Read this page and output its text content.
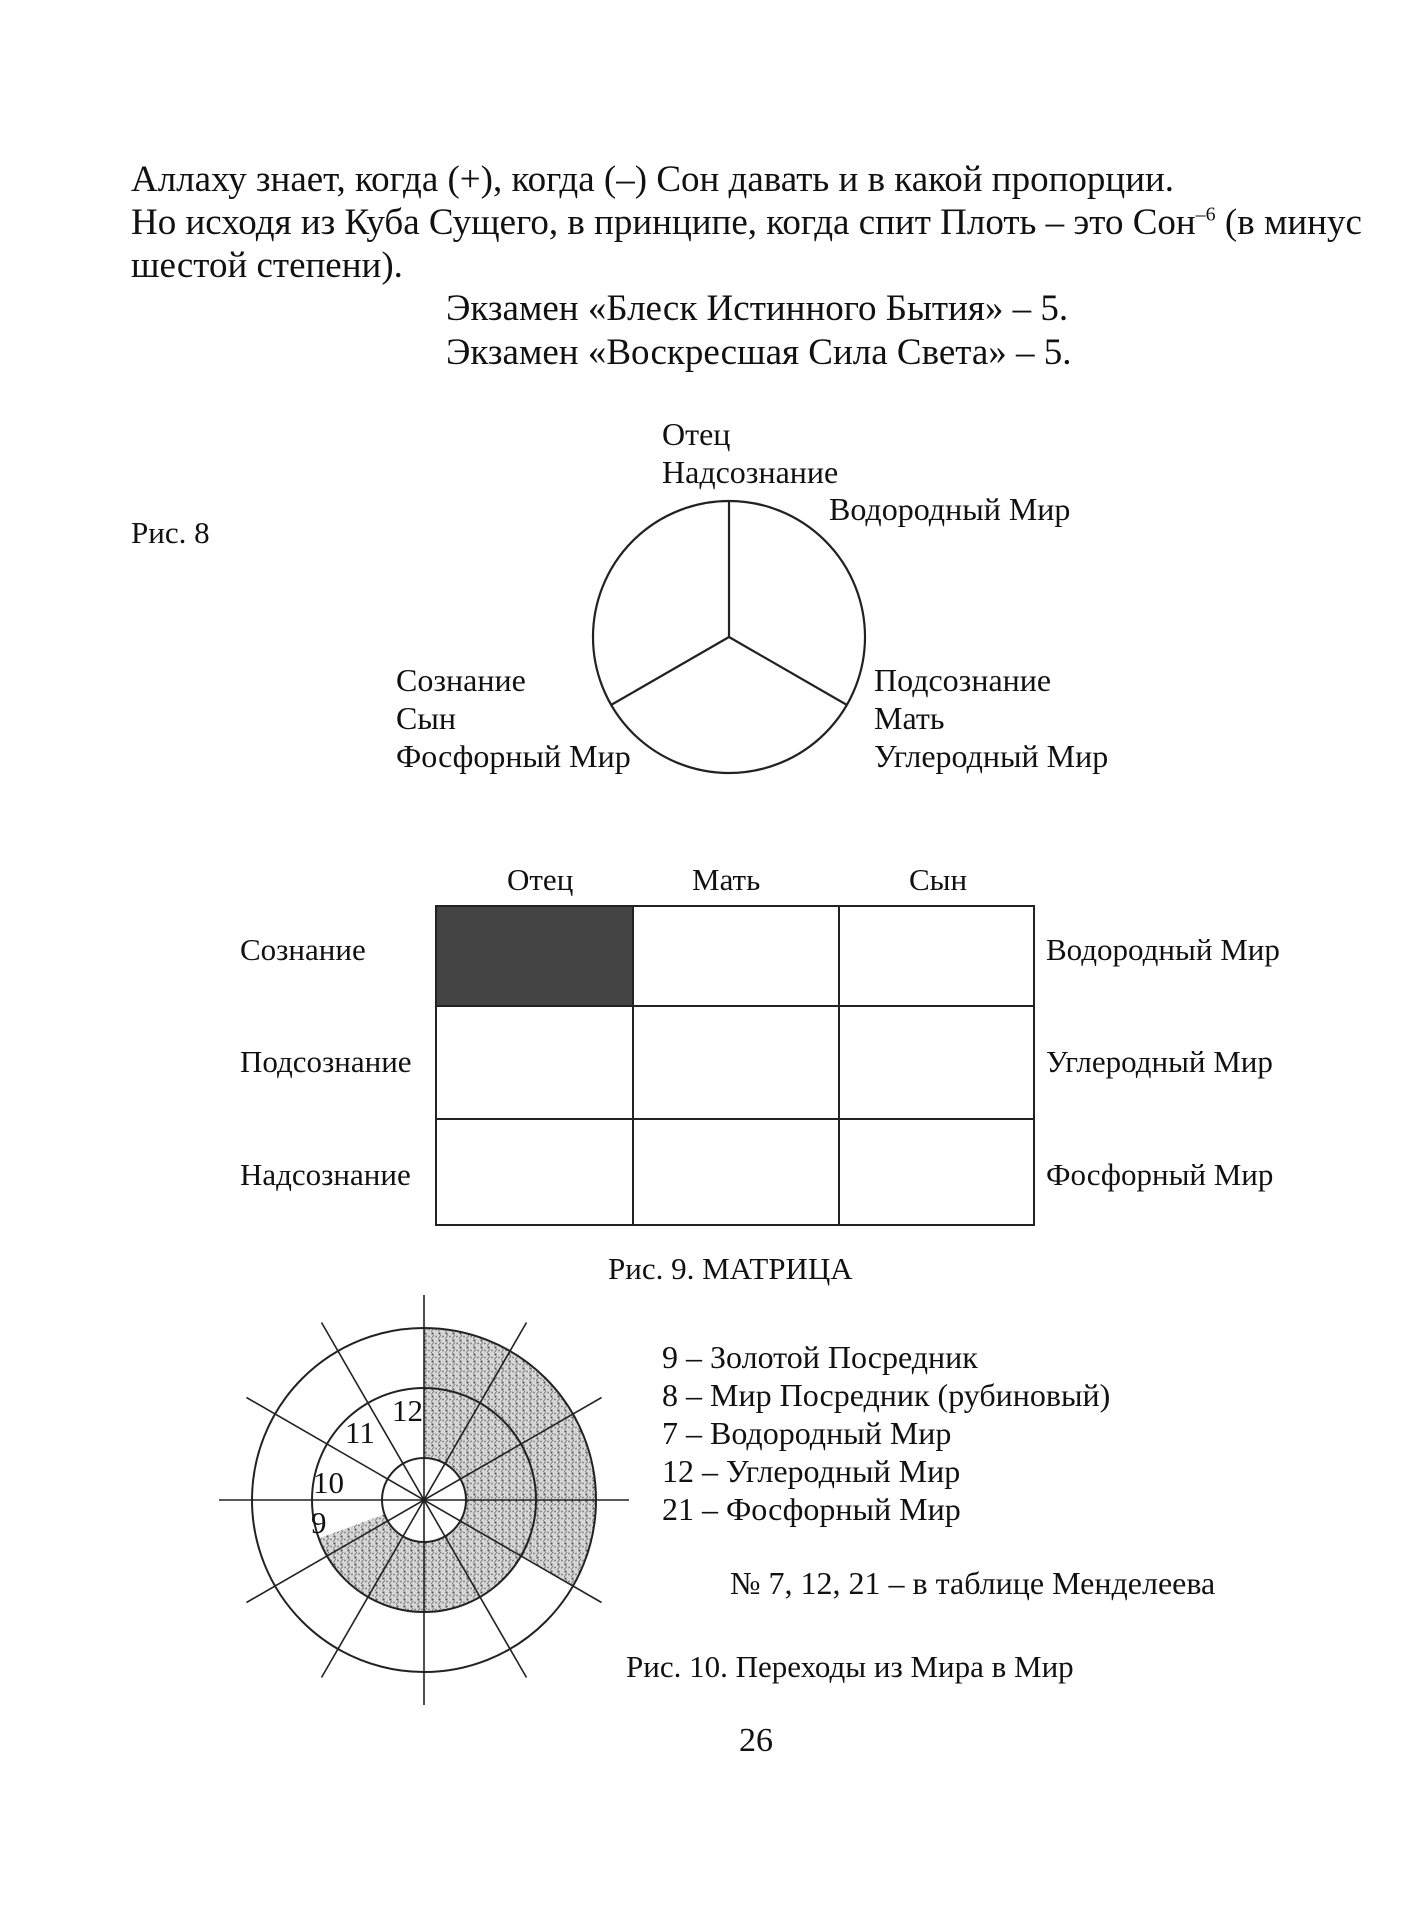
Аллаху знает, когда (+), когда (–) Сон давать и в какой пропорции.
Но исходя из Куба Сущего, в принципе, когда спит Плоть – это Сон$^{-6}$ (в минус
шестой степени).
Экзамен «Блеск Истинного Бытия» – 5.
Экзамен «Воскресшая Сила Света» – 5.
Рис. 8
Отец
Надсознание
Водородный Мир
Сознание
Сын
Фосфорный Мир
Подсознание
Мать
Углеродный Мир
Отец	Мать	Сын
Сознание
Подсознание
Надсознание
Водородный Мир
Углеродный Мир
Фосфорный Мир
Рис. 9. МАТРИЦА
12
11
10
9
9 – Золотой Посредник
8 – Мир Посредник (рубиновый)
7 – Водородный Мир
12 – Углеродный Мир
21 – Фосфорный Мир
№ 7, 12, 21 – в таблице Менделеева
Рис. 10. Переходы из Мира в Мир
26
